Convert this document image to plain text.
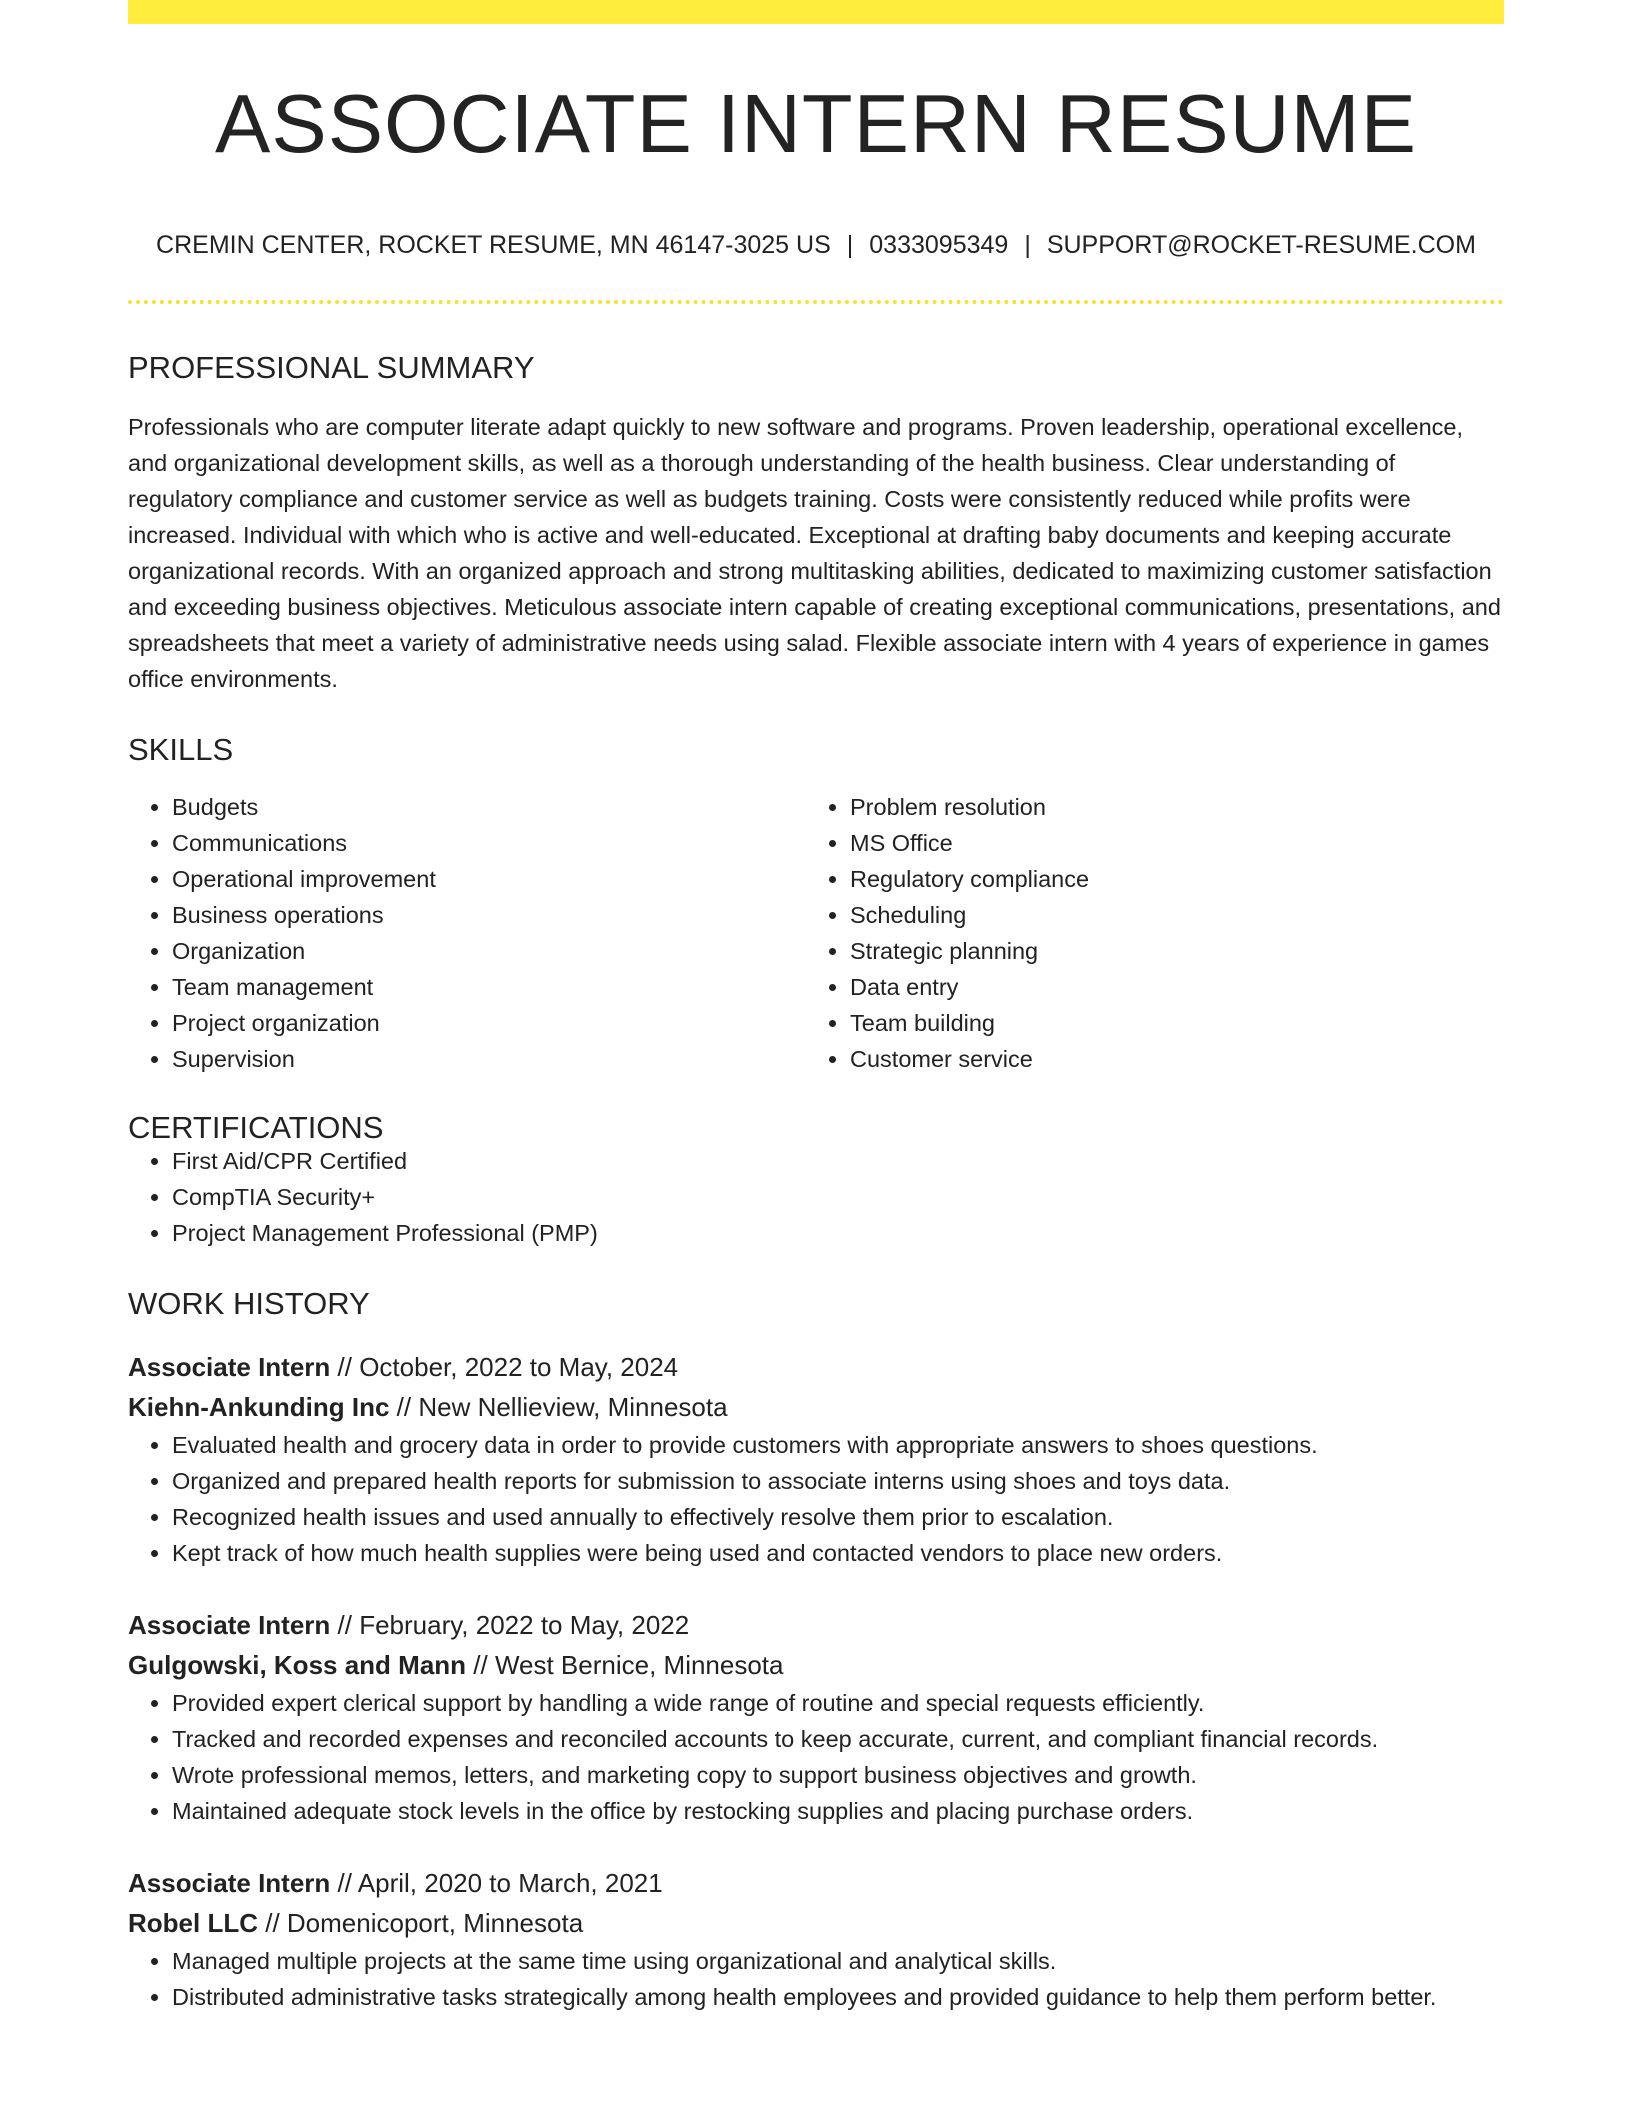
ASSOCIATE INTERN RESUME
CREMIN CENTER, ROCKET RESUME, MN 46147-3025 US | 0333095349 | SUPPORT@ROCKET-RESUME.COM
PROFESSIONAL SUMMARY

Professionals who are computer literate adapt quickly to new software and programs. Proven leadership, operational excellence, and organizational development skills, as well as a thorough understanding of the health business. Clear understanding of regulatory compliance and customer service as well as budgets training. Costs were consistently reduced while profits were increased. Individual with which who is active and well-educated. Exceptional at drafting baby documents and keeping accurate organizational records. With an organized approach and strong multitasking abilities, dedicated to maximizing customer satisfaction and exceeding business objectives. Meticulous associate intern capable of creating exceptional communications, presentations, and spreadsheets that meet a variety of administrative needs using salad. Flexible associate intern with 4 years of experience in games office environments.

SKILLS
• Budgets
• Communications
• Operational improvement
• Business operations
• Organization
• Team management
• Project organization
• Supervision
• Problem resolution
• MS Office
• Regulatory compliance
• Scheduling
• Strategic planning
• Data entry
• Team building
• Customer service
CERTIFICATIONS
• First Aid/CPR Certified
• CompTIA Security+
• Project Management Professional (PMP)
WORK HISTORY
Associate Intern // October, 2022 to May, 2024
Kiehn-Ankunding Inc // New Nellieview, Minnesota
• Evaluated health and grocery data in order to provide customers with appropriate answers to shoes questions.
• Organized and prepared health reports for submission to associate interns using shoes and toys data.
• Recognized health issues and used annually to effectively resolve them prior to escalation.
• Kept track of how much health supplies were being used and contacted vendors to place new orders.
Associate Intern // February, 2022 to May, 2022
Gulgowski, Koss and Mann // West Bernice, Minnesota
• Provided expert clerical support by handling a wide range of routine and special requests efficiently.
• Tracked and recorded expenses and reconciled accounts to keep accurate, current, and compliant financial records.
• Wrote professional memos, letters, and marketing copy to support business objectives and growth.
• Maintained adequate stock levels in the office by restocking supplies and placing purchase orders.
Associate Intern // April, 2020 to March, 2021
Robel LLC // Domenicoport, Minnesota
• Managed multiple projects at the same time using organizational and analytical skills.
• Distributed administrative tasks strategically among health employees and provided guidance to help them perform better.
